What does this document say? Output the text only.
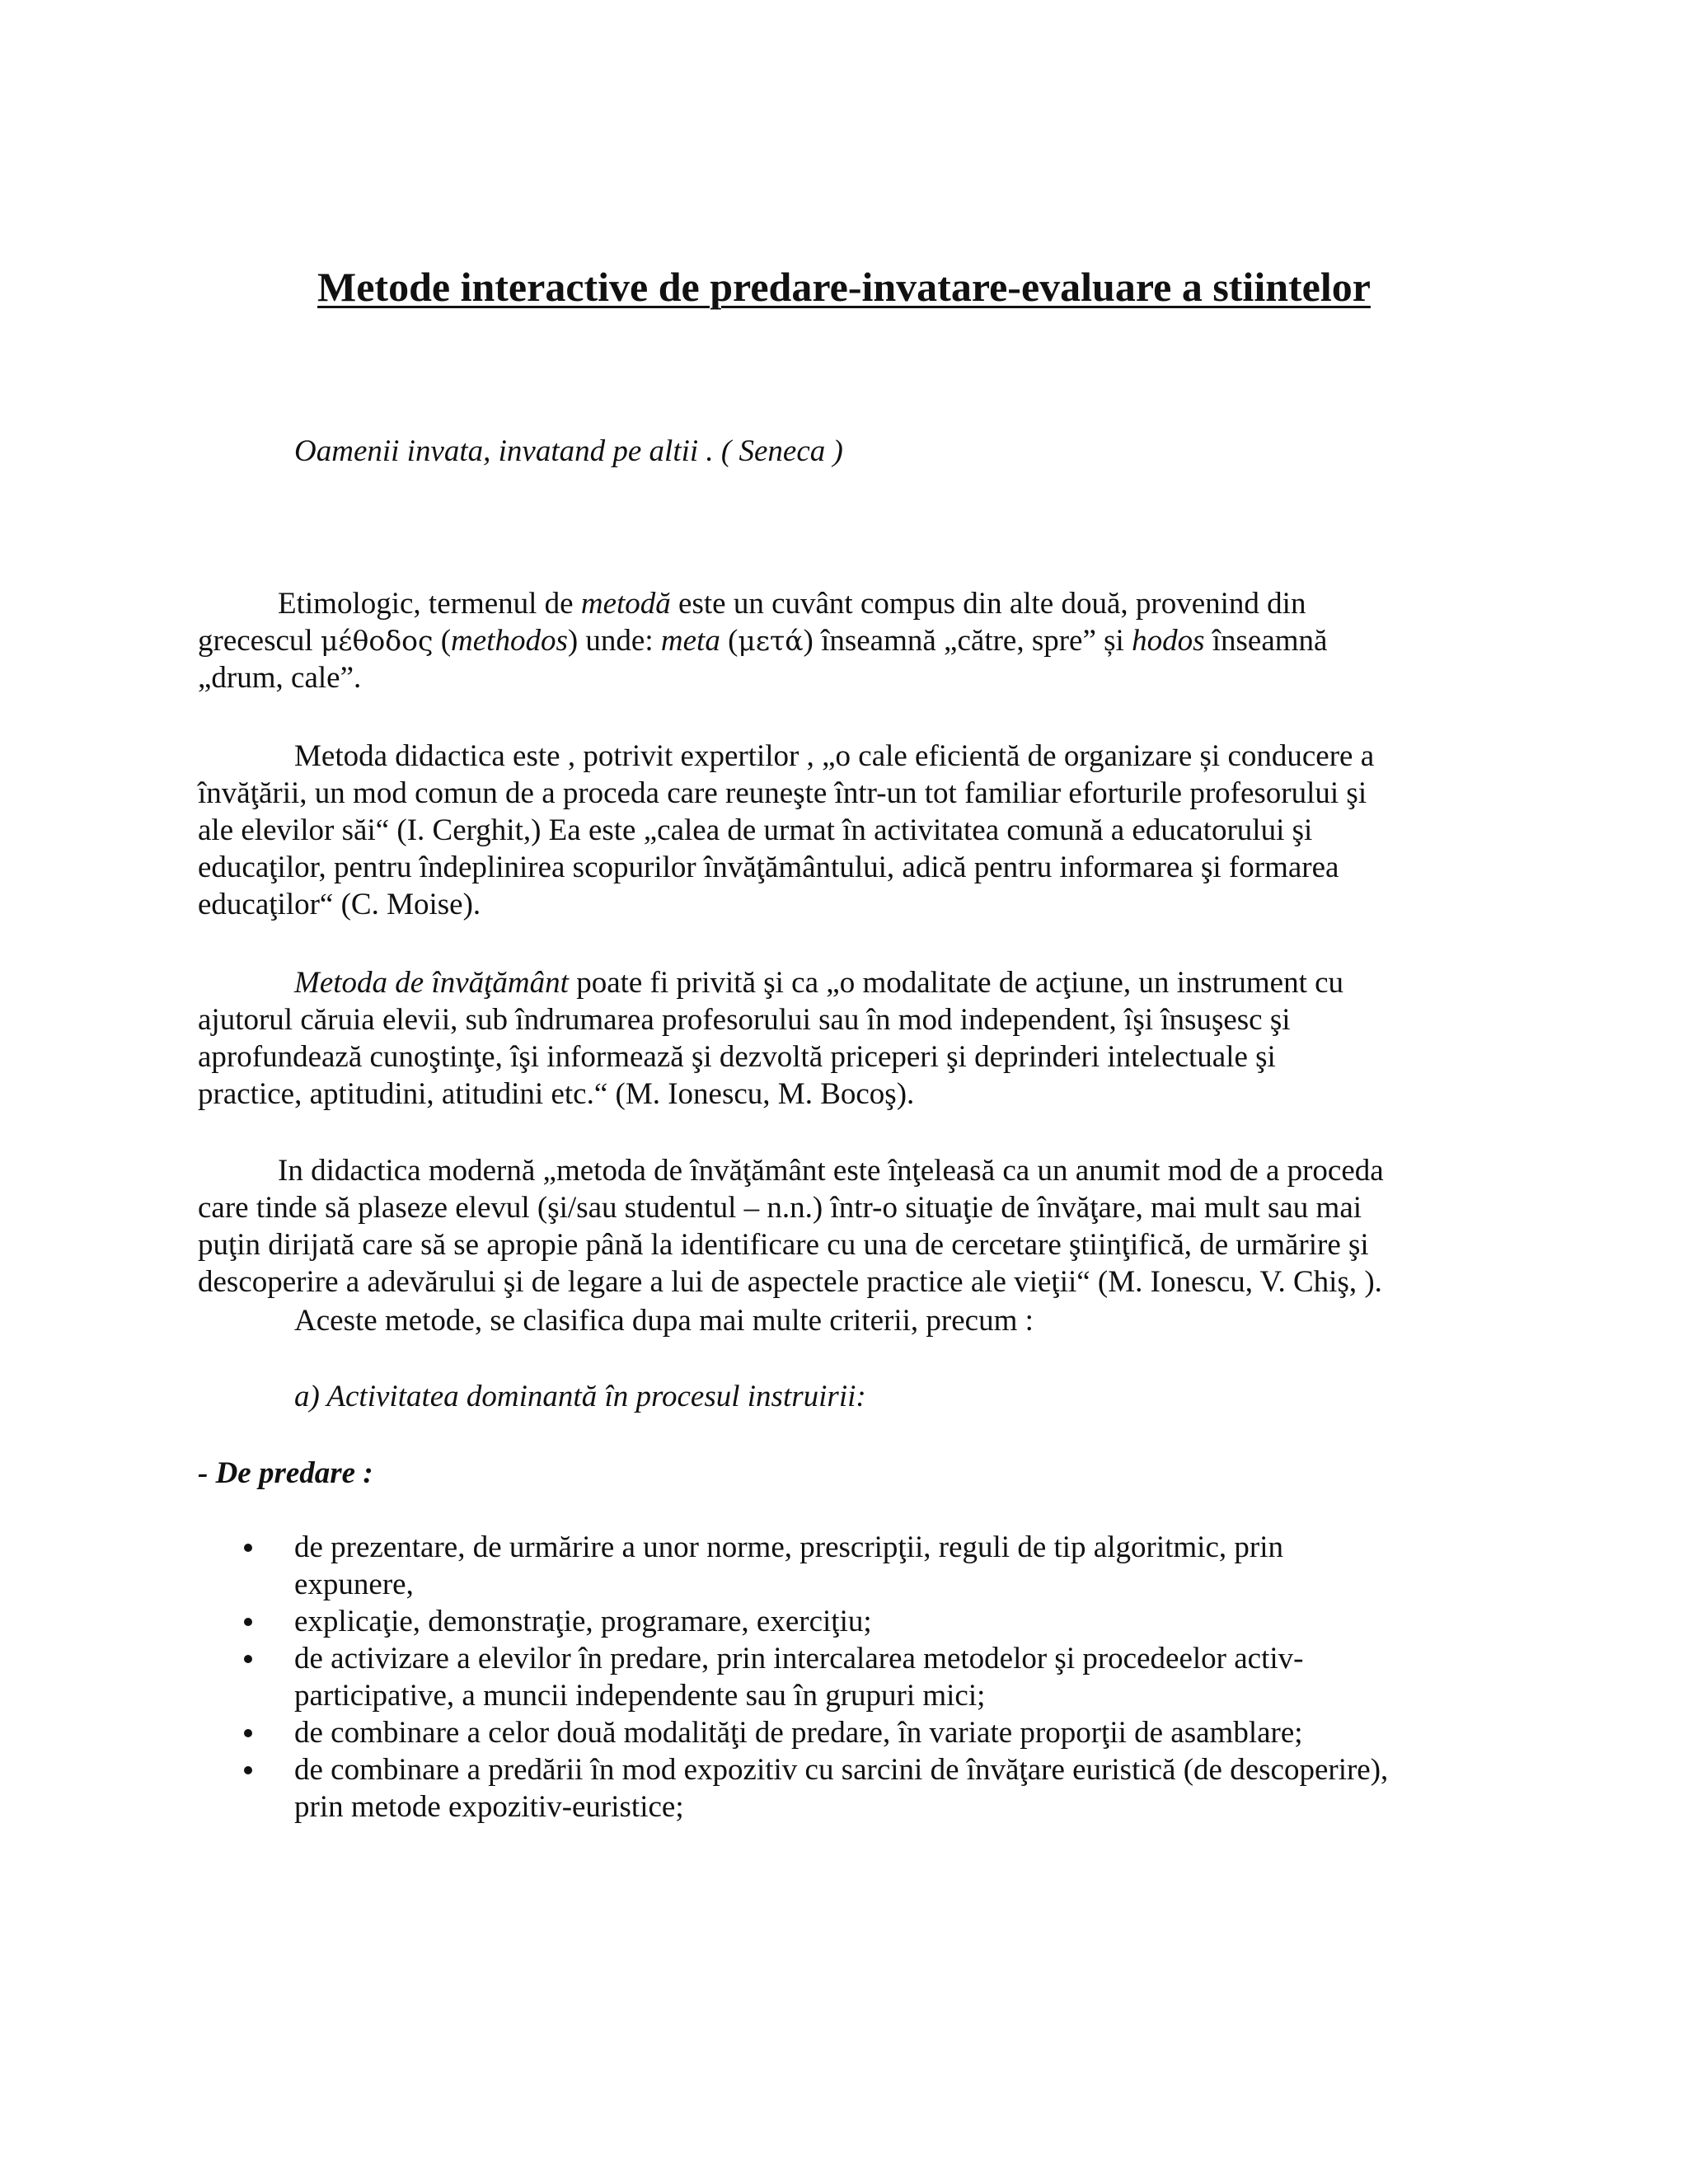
Metode interactive de predare-invatare-evaluare a stiintelor
Oamenii invata, invatand pe altii . ( Seneca )
Etimologic, termenul de metodă este un cuvânt compus din alte două, provenind din
grecescul μέθοδος (methodos) unde: meta (μετά) înseamnă „către, spre” și hodos înseamnă
„drum, cale”.
Metoda didactica este , potrivit expertilor , „o cale eficientă de organizare și conducere a
învăţării, un mod comun de a proceda care reuneşte într-un tot familiar eforturile profesorului şi
ale elevilor săi“ (I. Cerghit,) Ea este „calea de urmat în activitatea comună a educatorului şi
educaţilor, pentru îndeplinirea scopurilor învăţământului, adică pentru informarea şi formarea
educaţilor“ (C. Moise).
Metoda de învăţământ poate fi privită şi ca „o modalitate de acţiune, un instrument cu
ajutorul căruia elevii, sub îndrumarea profesorului sau în mod independent, îşi însuşesc şi
aprofundează cunoştinţe, îşi informează şi dezvoltă priceperi şi deprinderi intelectuale şi
practice, aptitudini, atitudini etc.“ (M. Ionescu, M. Bocoş).
In didactica modernă „metoda de învăţământ este înţeleasă ca un anumit mod de a proceda
care tinde să plaseze elevul (şi/sau studentul – n.n.) într-o situaţie de învăţare, mai mult sau mai
puţin dirijată care să se apropie până la identificare cu una de cercetare ştiinţifică, de urmărire şi
descoperire a adevărului şi de legare a lui de aspectele practice ale vieţii“ (M. Ionescu, V. Chiş, ).
Aceste metode, se clasifica dupa mai multe criterii, precum :
a) Activitatea dominantă în procesul instruirii:
- De predare :
de prezentare, de urmărire a unor norme, prescripţii, reguli de tip algoritmic, prin
expunere,
explicaţie, demonstraţie, programare, exerciţiu;
de activizare a elevilor în predare, prin intercalarea metodelor şi procedeelor activ-
participative, a muncii independente sau în grupuri mici;
de combinare a celor două modalităţi de predare, în variate proporţii de asamblare;
de combinare a predării în mod expozitiv cu sarcini de învăţare euristică (de descoperire),
prin metode expozitiv-euristice;
